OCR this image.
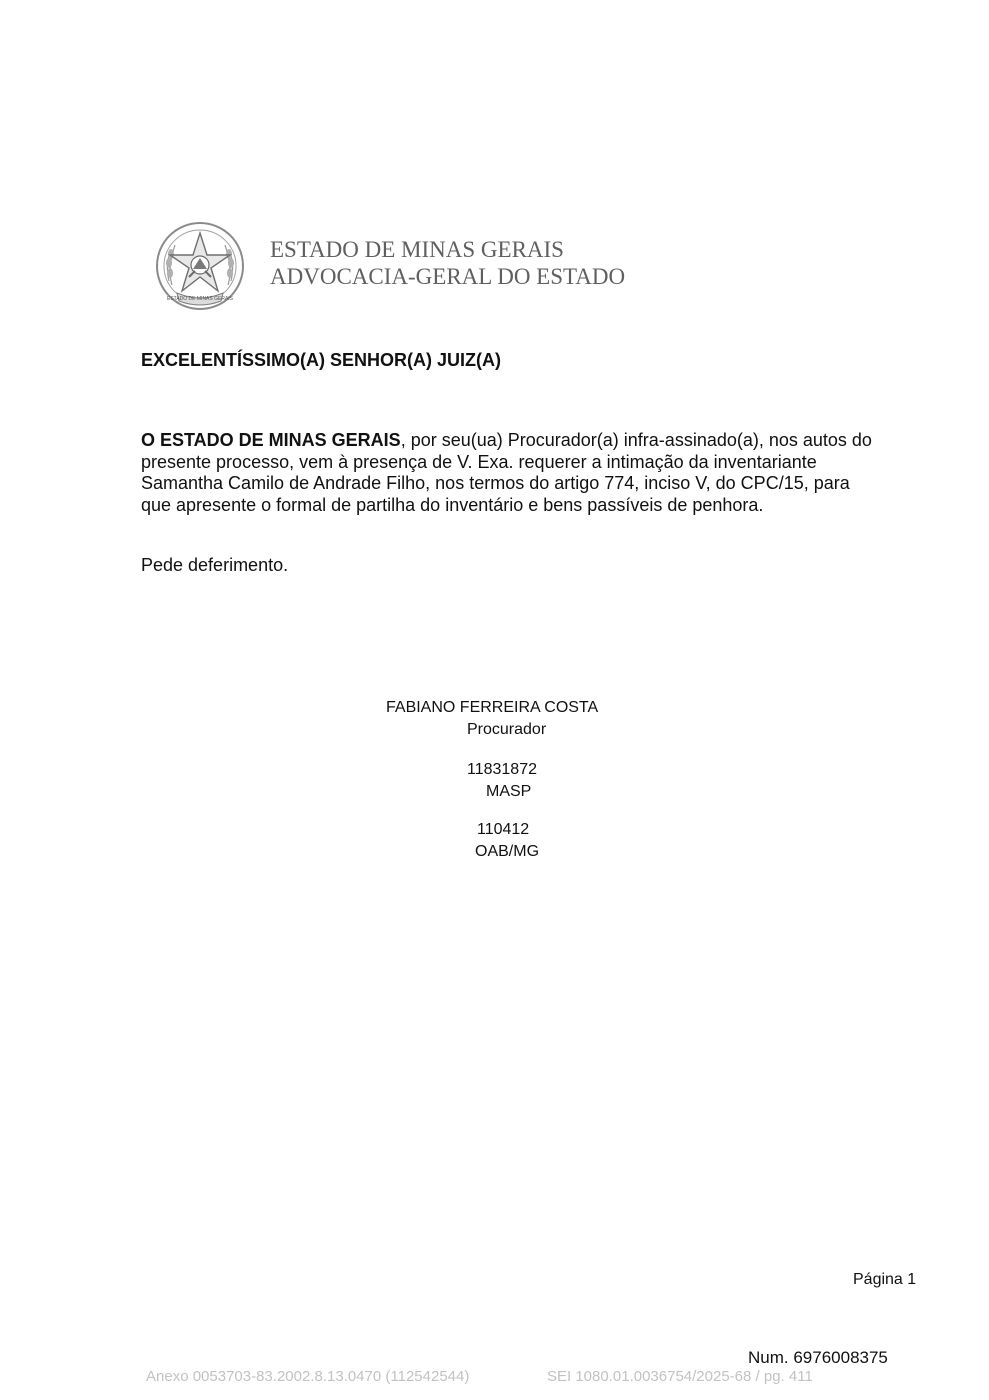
ESTADO DE MINAS GERAIS
ESTADO DE MINAS GERAIS
ADVOCACIA-GERAL DO ESTADO

EXCELENTÍSSIMO(A) SENHOR(A) JUIZ(A)

O ESTADO DE MINAS GERAIS, por seu(ua) Procurador(a) infra-assinado(a), nos autos do presente processo, vem à presença de V. Exa. requerer a intimação da inventariante Samantha Camilo de Andrade Filho, nos termos do artigo 774, inciso V, do CPC/15, para que apresente o formal de partilha do inventário e bens passíveis de penhora.

Pede deferimento.

FABIANO FERREIRA COSTA
Procurador
11831872
MASP
110412
OAB/MG
Página 1
Num. 6976008375
Anexo 0053703-83.2002.8.13.0470 (112542544)	SEI 1080.01.0036754/2025-68 / pg. 411
